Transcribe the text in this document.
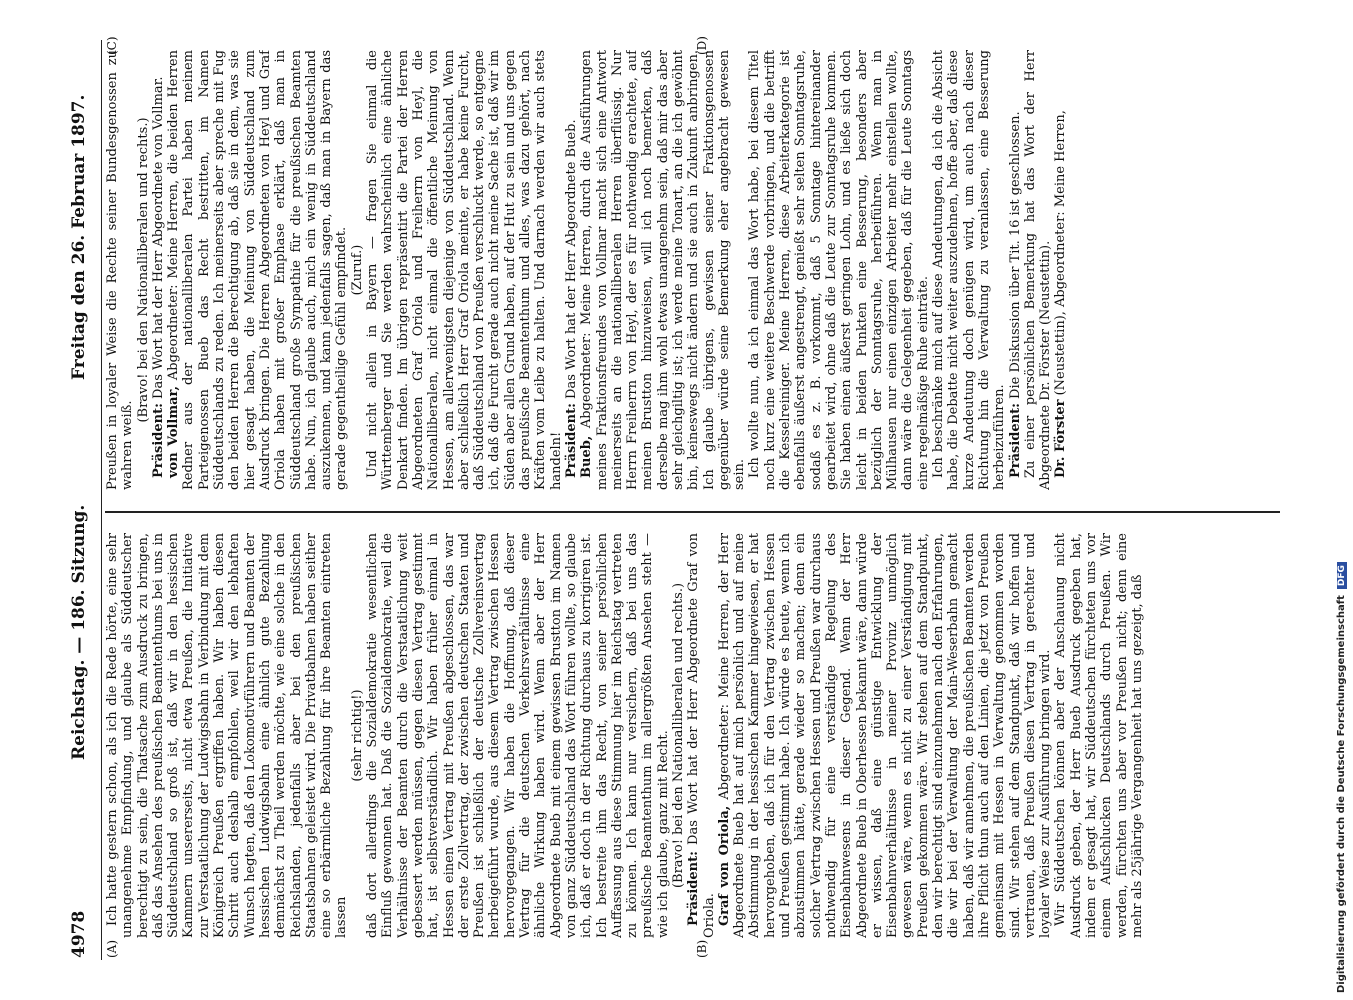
4978
Reichstag. — 186. Sitzung.
Freitag den 26. Februar 1897.
(A)	(B)
(C)	(D)

Ich hatte gestern schon, als ich die Rede hörte, eine sehr unangenehme Empfindung, und glaube als Süddeutscher berechtigt zu sein, die Thatsache zum Ausdruck zu bringen, daß das Ansehen des preußischen Beamtenthums bei uns in Süddeutschland so groß ist, daß wir in den hessischen Kammern unsererseits, nicht etwa Preußen, die Initiative zur Verstaatlichung der Ludwigsbahn in Verbindung mit dem Königreich Preußen ergriffen haben. Wir haben diesen Schritt auch deshalb empfohlen, weil wir den lebhaften Wunsch hegten, daß den Lokomotivführern und Beamten der hessischen Ludwigsbahn eine ähnlich gute Bezahlung demnächst zu Theil werden möchte, wie eine solche in den Reichslanden, jedenfalls aber bei den preußischen Staatsbahnen geleistet wird. Die Privatbahnen haben seither eine so erbärmliche Bezahlung für ihre Beamten eintreten lassen

(sehr richtig!) daß dort allerdings die Sozialdemokratie wesentlichen Einfluß gewonnen hat. Daß die Sozialdemokratie, weil die Verhältnisse der Beamten durch die Verstaatlichung weit gebessert werden müssen, gegen diesen Vertrag gestimmt hat, ist selbstverständlich. Wir haben früher einmal in Hessen einen Vertrag mit Preußen abgeschlossen, das war der erste Zollvertrag, der zwischen deutschen Staaten und Preußen ist schließlich der deutsche Zollvereinsvertrag herbeigeführt wurde, aus diesem Vertrag zwischen Hessen hervorgegangen. Wir haben die Hoffnung, daß dieser Vertrag für die deutschen Verkehrsverhältnisse eine ähnliche Wirkung haben wird. Wenn aber der Herr Abgeordnete Bueb mit einem gewissen Brustton im Namen von ganz Süddeutschland das Wort führen wollte, so glaube ich, daß er doch in der Richtung durchaus zu korrigiren ist. Ich bestreite ihm das Recht, von seiner persönlichen Auffassung aus diese Stimmung hier im Reichstag vertreten zu können. Ich kann nur versichern, daß bei uns das preußische Beamtenthum im allergrößten Ansehen steht — wie ich glaube, ganz mit Recht. (Bravo! bei den Nationalliberalen und rechts.)

Präsident: Das Wort hat der Herr Abgeordnete Graf von Oriola. Graf von Oriola, Abgeordneter: Meine Herren, der Herr Abgeordnete Bueb hat auf mich persönlich und auf meine Abstimmung in der hessischen Kammer hingewiesen, er hat hervorgehoben, daß ich für den Vertrag zwischen Hessen und Preußen gestimmt habe. Ich würde es heute, wenn ich abzustimmen hätte, gerade wieder so machen; denn ein solcher Vertrag zwischen Hessen und Preußen war durchaus nothwendig für eine verständige Regelung des Eisenbahnwesens in dieser Gegend. Wenn der Herr Abgeordnete Bueb in Oberhessen bekannt wäre, dann würde er wissen, daß eine günstige Entwicklung der Eisenbahnverhältnisse in meiner Provinz unmöglich gewesen wäre, wenn es nicht zu einer Verständigung mit Preußen gekommen wäre. Wir stehen auf dem Standpunkt, den wir berechtigt sind einzunehmen nach den Erfahrungen, die wir bei der Verwaltung der Main-Weserbahn gemacht haben, daß wir annehmen, die preußischen Beamten werden ihre Pflicht thun auch auf den Linien, die jetzt von Preußen gemeinsam mit Hessen in Verwaltung genommen worden sind. Wir stehen auf dem Standpunkt, daß wir hoffen und vertrauen, daß Preußen diesen Vertrag in gerechter und loyaler Weise zur Ausführung bringen wird. Wir Süddeutschen können aber der Anschauung nicht Ausdruck geben, der Herr Bueb Ausdruck gegeben hat, indem er gesagt hat, wir Süddeutschen fürchteten uns vor einem Aufschlucken Deutschlands durch Preußen. Wir werden, fürchten uns aber vor Preußen nicht; denn eine mehr als 25jährige Vergangenheit hat uns gezeigt, daß

Preußen in loyaler Weise die Rechte seiner Bundesgenossen zu wahren weiß.

(Bravo! bei den Nationalliberalen und rechts.)

Präsident: Das Wort hat der Herr Abgeordnete von Vollmar.

von Vollmar, Abgeordneter: Meine Herren, die beiden Herren Redner aus der nationalliberalen Partei haben meinem Parteigenossen Bueb das Recht bestritten, im Namen Süddeutschlands zu reden. Ich meinerseits aber spreche mit Fug den beiden Herren die Berechtigung ab, daß sie in dem, was sie hier gesagt haben, die Meinung von Süddeutschland zum Ausdruck bringen. Die Herren Abgeordneten von Heyl und Graf Oriola haben mit großer Emphase erklärt, daß man in Süddeutschland große Sympathie für die preußischen Beamten habe. Nun, ich glaube auch, mich ein wenig in Süddeutschland auszukennen, und kann jedenfalls sagen, daß man in Bayern das gerade gegentheilige Gefühl empfindet. (Zuruf.) Und nicht allein in Bayern — fragen Sie einmal die Württemberger und Sie werden wahrscheinlich eine ähnliche Denkart finden. Im übrigen repräsentirt die Partei der Herren Abgeordneten Graf Oriola und Freiherrn von Heyl, die Nationalliberalen, nicht einmal die öffentliche Meinung von Hessen, am allerwenigsten diejenige von Süddeutschland. Wenn aber schließlich Herr Graf Oriola meinte, er habe keine Furcht, daß Süddeutschland von Preußen verschluckt werde, so entgegne ich, daß die Furcht gerade auch nicht meine Sache ist, daß wir im Süden aber allen Grund haben, auf der Hut zu sein und uns gegen das preußische Beamtenthum und alles, was dazu gehört, nach Kräften vom Leibe zu halten. Und darnach werden wir auch stets handeln! Präsident: Das Wort hat der Herr Abgeordnete Bueb.

Bueb, Abgeordneter: Meine Herren, durch die Ausführungen meines Fraktionsfreundes von Vollmar macht sich eine Antwort meinerseits an die nationalliberalen Herren überflüssig. Nur Herrn Freiherrn von Heyl, der es für nothwendig erachtete, auf meinen Brustton hinzuweisen, will ich noch bemerken, daß derselbe mag ihm wohl etwas unangenehm sein, daß mir das aber sehr gleichgiltig ist; ich werde meine Tonart, an die ich gewöhnt bin, keineswegs nicht ändern und sie auch in Zukunft anbringen. Ich glaube übrigens, gewissen seiner Fraktionsgenossen gegenüber würde seine Bemerkung eher angebracht gewesen sein. Ich wollte nun, da ich einmal das Wort habe, bei diesem Titel noch kurz eine weitere Beschwerde vorbringen, und die betrifft die Kesselreiniger. Meine Herren, diese Arbeiterkategorie ist ebenfalls äußerst angestrengt, genießt sehr selten Sonntagsruhe, sodaß es z. B. vorkommt, daß 5 Sonntage hintereinander gearbeitet wird, ohne daß die Leute zur Sonntagsruhe kommen. Sie haben einen äußerst geringen Lohn, und es ließe sich doch leicht in beiden Punkten eine Besserung, besonders aber bezüglich der Sonntagsruhe, herbeiführen. Wenn man in Mülhausen nur einen einzigen Arbeiter mehr einstellen wollte, dann wäre die Gelegenheit gegeben, daß für die Leute Sonntags eine regelmäßige Ruhe einträte. Ich beschränke mich auf diese Andeutungen, da ich die Absicht habe, die Debatte nicht weiter auszudehnen, hoffe aber, daß diese kurze Andeutung doch genügen wird, um auch nach dieser Richtung hin die Verwaltung zu veranlassen, eine Besserung herbeizuführen. Präsident: Die Diskussion über Tit. 16 ist geschlossen. Zu einer persönlichen Bemerkung hat das Wort der Herr Abgeordnete Dr. Förster (Neustettin). Dr. Förster (Neustettin), Abgeordneter: Meine Herren,

Digitalisierung gefördert durch die Deutsche ForschungsgemeinschaftDFG
